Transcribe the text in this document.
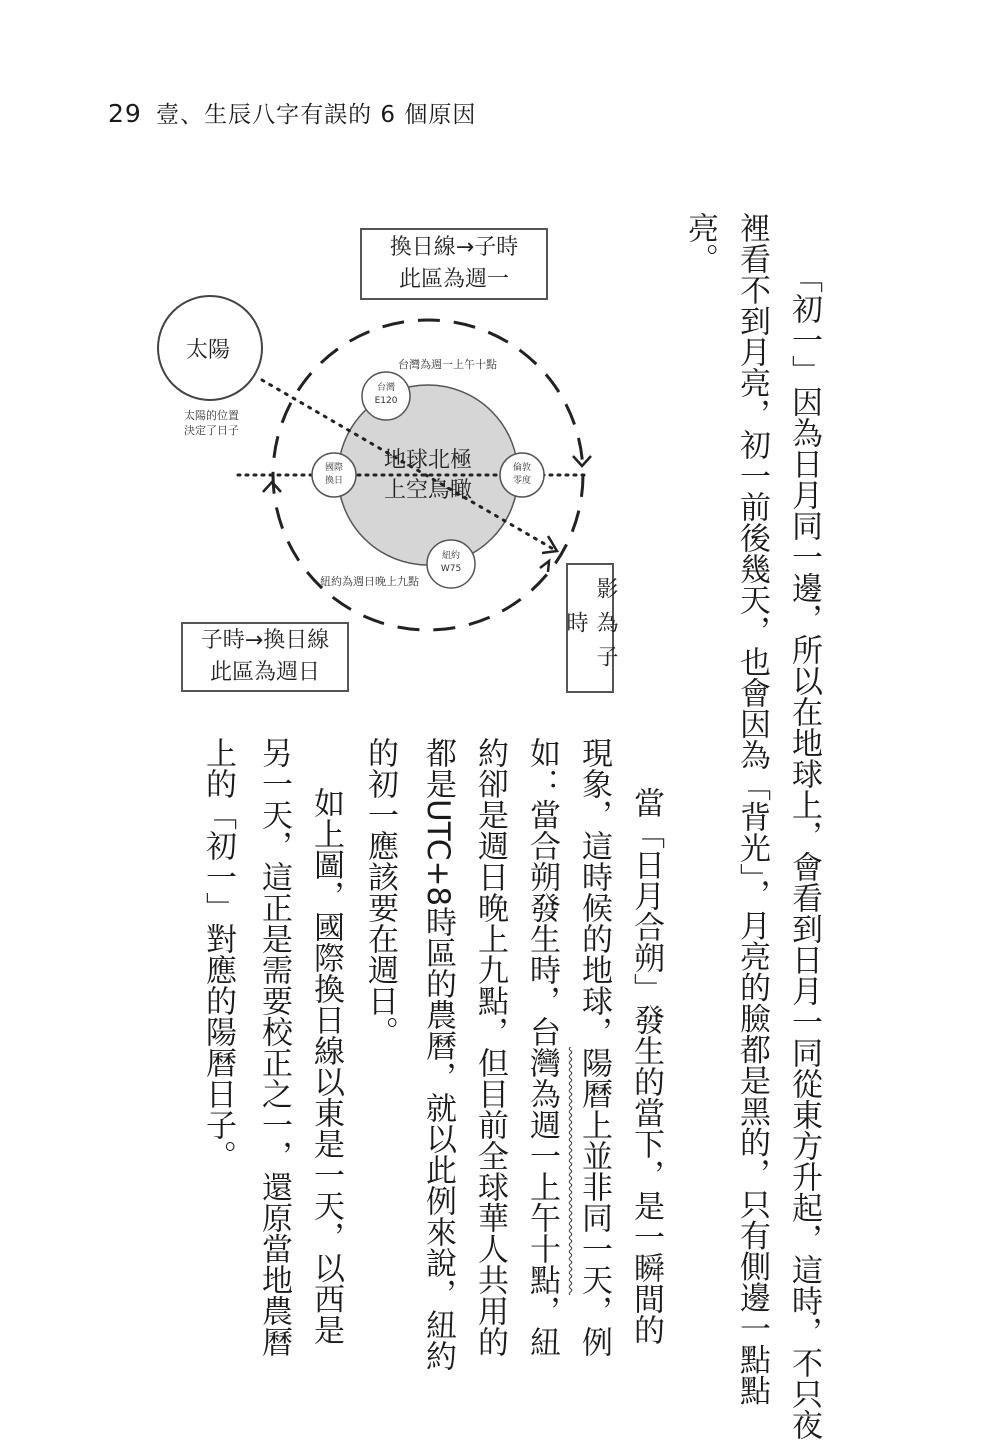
29 壹、生辰八字有誤的 6 個原因
「初一」因為日月同一邊，所以在地球上，會看到日月一同從東方升起，這時，不只夜
裡看不到月亮，初一前後幾天，也會因為「背光」，月亮的臉都是黑的，只有側邊一點點
亮。
太陽
太陽的位置
決定了日子
台灣為週一上午十點
紐約為週日晚上九點
台灣
E120
國際
換日
倫敦
零度
紐約
W75
地球北極
上空鳥瞰
換日線→子時
此區為週一
子時→換日線
此區為週日	影為子時
當「日月合朔」發生的當下，是一瞬間的
現象，這時候的地球，陽曆上並非同一天，例
如：當合朔發生時，台灣為週一上午十點，紐
約卻是週日晚上九點，但目前全球華人共用的
都是UTC+8時區的農曆，就以此例來說，紐約
的初一應該要在週日。
如上圖，國際換日線以東是一天，以西是
另一天，這正是需要校正之一，還原當地農曆
上的「初一」對應的陽曆日子。
